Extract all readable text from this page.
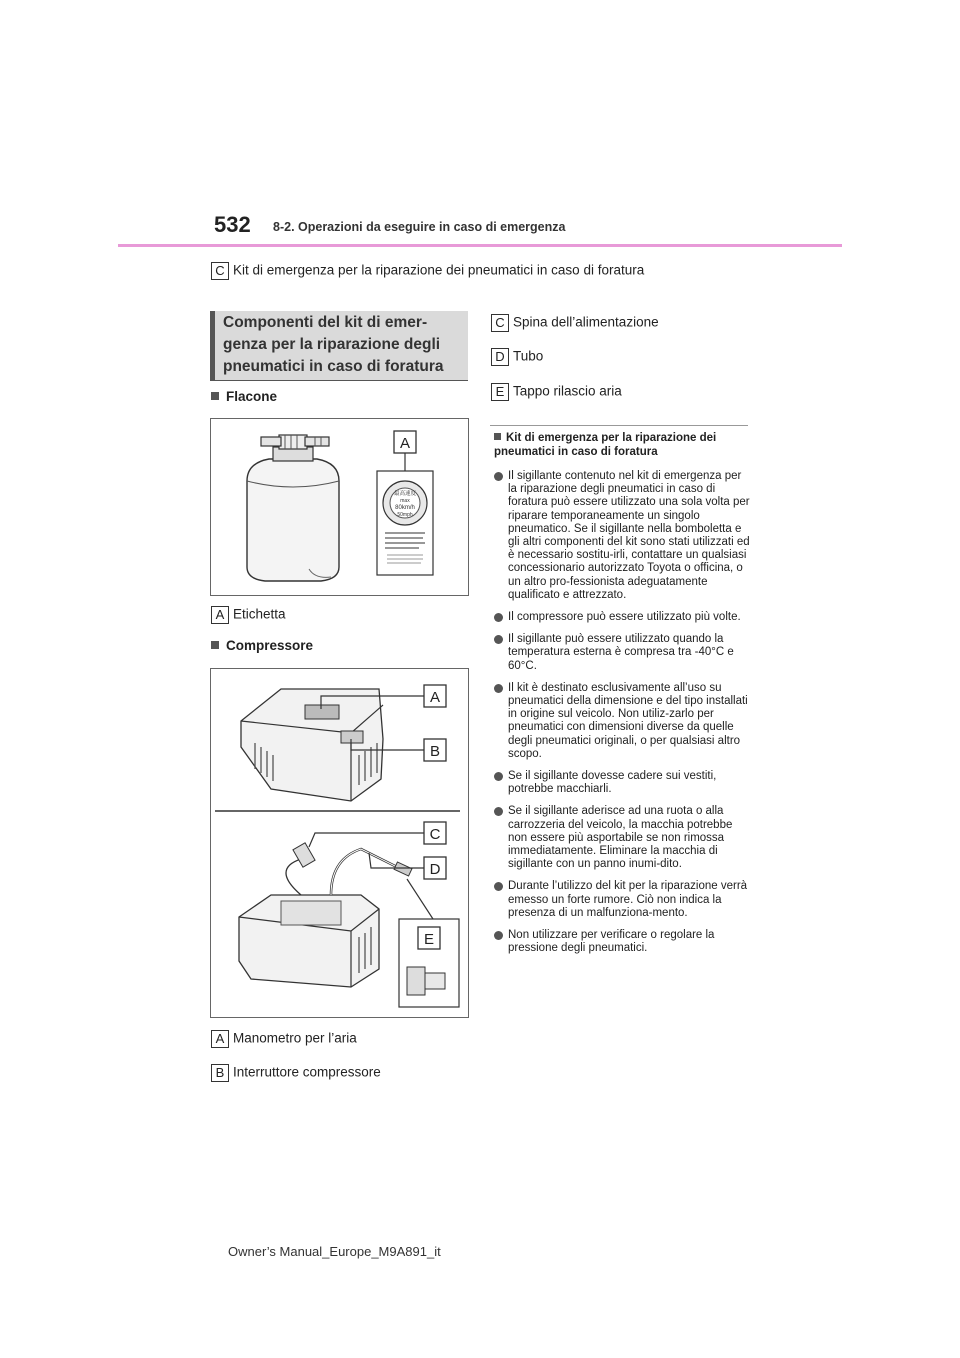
532 8-2. Operazioni da eseguire in caso di emergenza
C Kit di emergenza per la riparazione dei pneumatici in caso di foratura
Componenti del kit di emer-
genza per la riparazione degli
pneumatici in caso di foratura
Flacone
A
最高速度
max
80km/h
50mph
A Etichetta
Compressore
A
B
C
D
E
A Manometro per l’aria
B Interruttore compressore
C Spina dell’alimentazione
D Tubo
E Tappo rilascio aria
Kit di emergenza per la riparazione dei pneumatici in caso di foratura
Il sigillante contenuto nel kit di emergenza per la riparazione degli pneumatici in caso di foratura può essere utilizzato una sola volta per riparare temporaneamente un singolo pneumatico. Se il sigillante nella bomboletta e gli altri componenti del kit sono stati utilizzati ed è necessario sostitu-irli, contattare un qualsiasi concessionario autorizzato Toyota o officina, o un altro pro-fessionista adeguatamente qualificato e attrezzato.
Il compressore può essere utilizzato più volte.
Il sigillante può essere utilizzato quando la temperatura esterna è compresa tra -40°C e 60°C.
Il kit è destinato esclusivamente all’uso su pneumatici della dimensione e del tipo installati in origine sul veicolo. Non utiliz-zarlo per pneumatici con dimensioni diverse da quelle degli pneumatici originali, o per qualsiasi altro scopo.
Se il sigillante dovesse cadere sui vestiti, potrebbe macchiarli.
Se il sigillante aderisce ad una ruota o alla carrozzeria del veicolo, la macchia potrebbe non essere più asportabile se non rimossa immediatamente. Eliminare la macchia di sigillante con un panno inumi-dito.
Durante l’utilizzo del kit per la riparazione verrà emesso un forte rumore. Ciò non indica la presenza di un malfunziona-mento.
Non utilizzare per verificare o regolare la pressione degli pneumatici.
Owner’s Manual_Europe_M9A891_it
